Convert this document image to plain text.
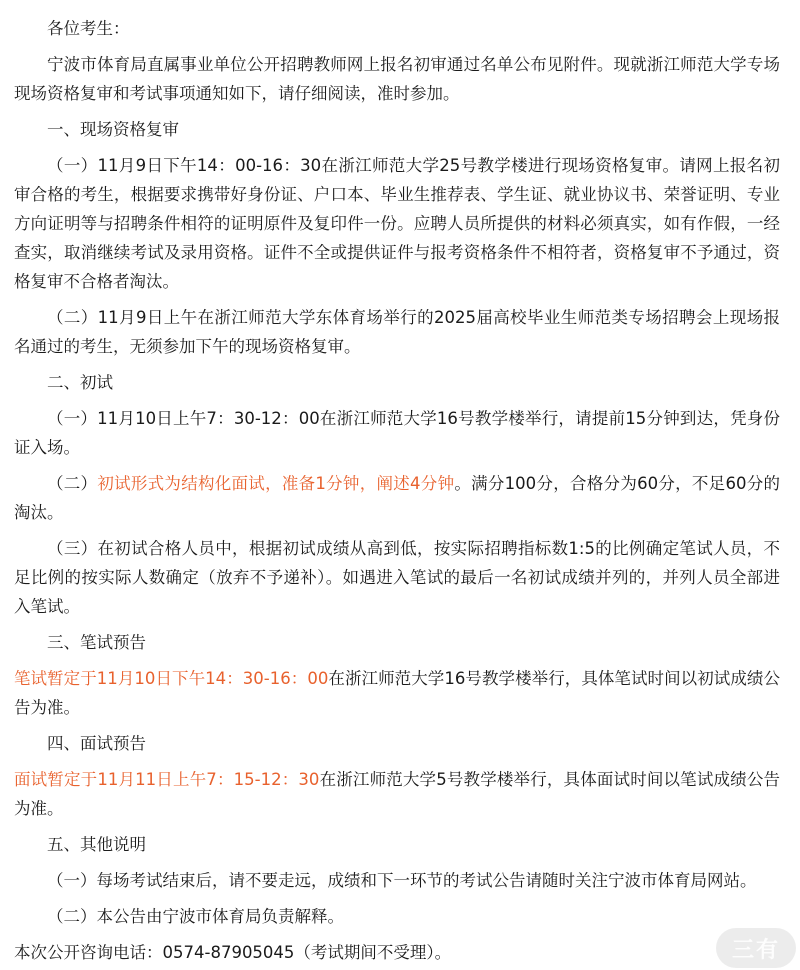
各位考生：

宁波市体育局直属事业单位公开招聘教师网上报名初审通过名单公布见附件。现就浙江师范大学专场现场资格复审和考试事项通知如下，请仔细阅读，准时参加。

一、现场资格复审

（一）11月9日下午14：00-16：30在浙江师范大学25号教学楼进行现场资格复审。请网上报名初审合格的考生，根据要求携带好身份证、户口本、毕业生推荐表、学生证、就业协议书、荣誉证明、专业方向证明等与招聘条件相符的证明原件及复印件一份。应聘人员所提供的材料必须真实，如有作假，一经查实，取消继续考试及录用资格。证件不全或提供证件与报考资格条件不相符者，资格复审不予通过，资格复审不合格者淘汰。

（二）11月9日上午在浙江师范大学东体育场举行的2025届高校毕业生师范类专场招聘会上现场报名通过的考生，无须参加下午的现场资格复审。

二、初试

（一）11月10日上午7：30-12：00在浙江师范大学16号教学楼举行，请提前15分钟到达，凭身份证入场。

（二）初试形式为结构化面试，准备1分钟，阐述4分钟。满分100分，合格分为60分，不足60分的淘汰。

（三）在初试合格人员中，根据初试成绩从高到低，按实际招聘指标数1:5的比例确定笔试人员，不足比例的按实际人数确定（放弃不予递补）。如遇进入笔试的最后一名初试成绩并列的，并列人员全部进入笔试。

三、笔试预告

笔试暂定于11月10日下午14：30-16：00在浙江师范大学16号教学楼举行，具体笔试时间以初试成绩公告为准。

四、面试预告

面试暂定于11月11日上午7：15-12：30在浙江师范大学5号教学楼举行，具体面试时间以笔试成绩公告为准。

五、其他说明

（一）每场考试结束后，请不要走远，成绩和下一环节的考试公告请随时关注宁波市体育局网站。

（二）本公告由宁波市体育局负责解释。

本次公开咨询电话：0574-87905045（考试期间不受理）。	三有
